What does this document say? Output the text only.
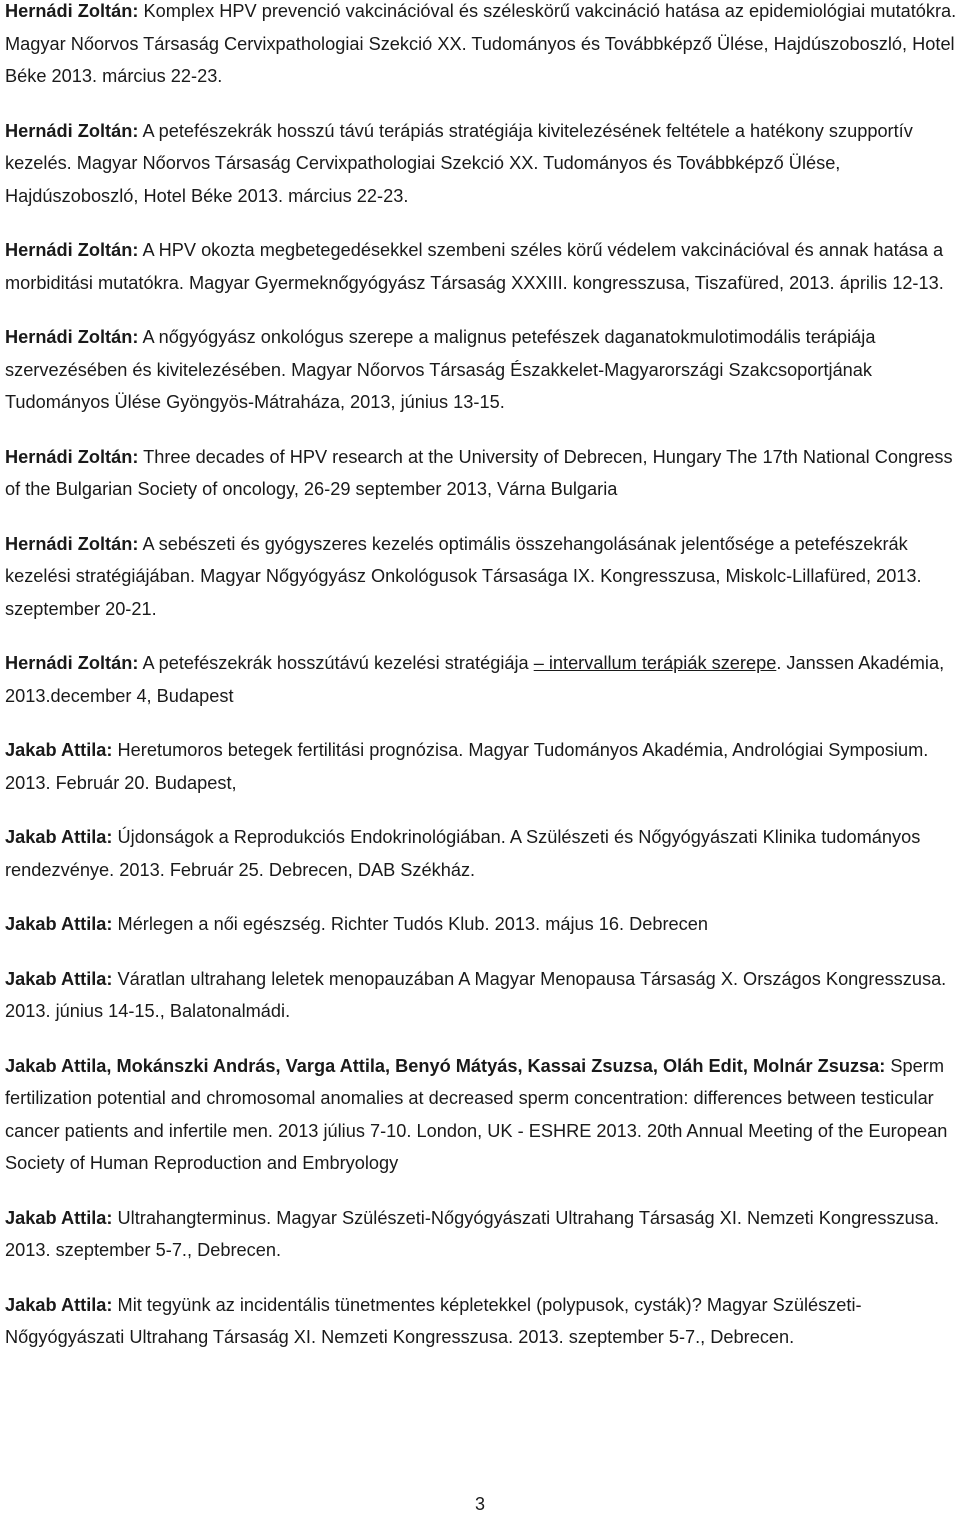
Hernádi Zoltán: Komplex HPV prevenció vakcinációval és széleskörű vakcináció hatása az epidemiológiai mutatókra. Magyar Nőorvos Társaság Cervixpathologiai Szekció XX. Tudományos és Továbbképző Ülése, Hajdúszoboszló, Hotel Béke 2013. március 22-23.

Hernádi Zoltán: A petefészekrák hosszú távú terápiás stratégiája kivitelezésének feltétele a hatékony szupportív kezelés. Magyar Nőorvos Társaság Cervixpathologiai Szekció XX. Tudományos és Továbbképző Ülése, Hajdúszoboszló, Hotel Béke 2013. március 22-23.

Hernádi Zoltán: A HPV okozta megbetegedésekkel szembeni széles körű védelem vakcinációval és annak hatása a morbiditási mutatókra. Magyar Gyermeknőgyógyász Társaság XXXIII. kongresszusa, Tiszafüred, 2013. április 12-13.

Hernádi Zoltán: A nőgyógyász onkológus szerepe a malignus petefészek daganatokmulotimodális terápiája szervezésében és kivitelezésében. Magyar Nőorvos Társaság Északkelet-Magyarországi Szakcsoportjának Tudományos Ülése Gyöngyös-Mátraháza, 2013, június 13-15.

Hernádi Zoltán: Three decades of HPV research at the University of Debrecen, Hungary The 17th National Congress of the Bulgarian Society of oncology, 26-29 september 2013, Várna Bulgaria

Hernádi Zoltán: A sebészeti és gyógyszeres kezelés optimális összehangolásának jelentősége a petefészekrák kezelési stratégiájában. Magyar Nőgyógyász Onkológusok Társasága IX. Kongresszusa, Miskolc-Lillafüred, 2013. szeptember 20-21.

Hernádi Zoltán: A petefészekrák hosszútávú kezelési stratégiája – intervallum terápiák szerepe. Janssen Akadémia, 2013.december 4, Budapest

Jakab Attila: Heretumoros betegek fertilitási prognózisa. Magyar Tudományos Akadémia, Andrológiai Symposium. 2013. Február 20. Budapest,

Jakab Attila: Újdonságok a Reprodukciós Endokrinológiában. A Szülészeti és Nőgyógyászati Klinika tudományos rendezvénye. 2013. Február 25. Debrecen, DAB Székház.

Jakab Attila: Mérlegen a női egészség. Richter Tudós Klub. 2013. május 16. Debrecen

Jakab Attila: Váratlan ultrahang leletek menopauzában A Magyar Menopausa Társaság X. Országos Kongresszusa. 2013. június 14-15., Balatonalmádi.

Jakab Attila, Mokánszki András, Varga Attila, Benyó Mátyás, Kassai Zsuzsa, Oláh Edit, Molnár Zsuzsa: Sperm fertilization potential and chromosomal anomalies at decreased sperm concentration: differences between testicular cancer patients and infertile men. 2013 július 7-10. London, UK - ESHRE 2013. 20th Annual Meeting of the European Society of Human Reproduction and Embryology

Jakab Attila: Ultrahangterminus. Magyar Szülészeti-Nőgyógyászati Ultrahang Társaság XI. Nemzeti Kongresszusa. 2013. szeptember 5-7., Debrecen.

Jakab Attila: Mit tegyünk az incidentális tünetmentes képletekkel (polypusok, cysták)? Magyar Szülészeti-Nőgyógyászati Ultrahang Társaság XI. Nemzeti Kongresszusa. 2013. szeptember 5-7., Debrecen.

3
